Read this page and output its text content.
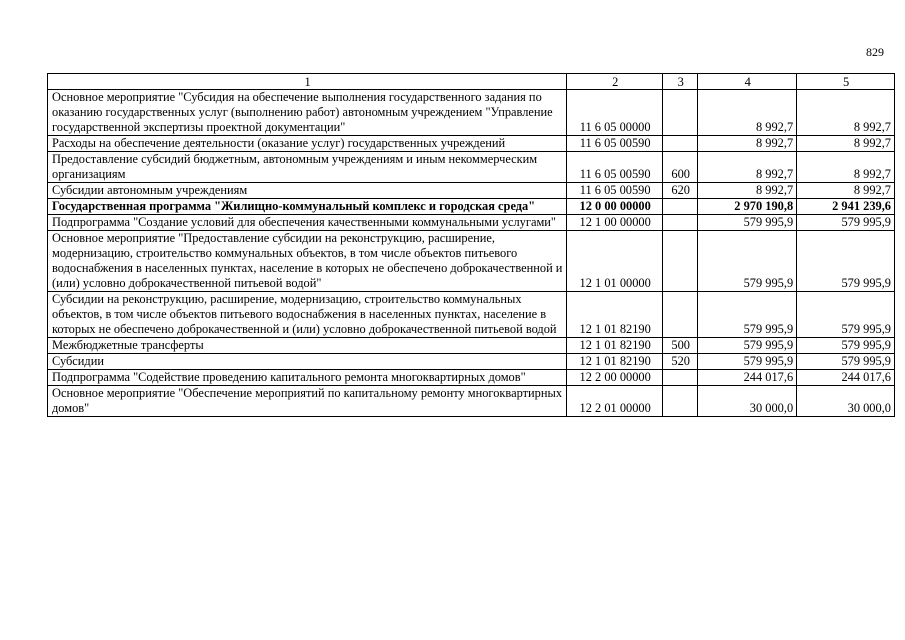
829
1	2	3	4	5
Основное мероприятие "Субсидия на обеспечение выполнения государственного задания по оказанию государственных услуг (выполнению работ) автономным учреждением "Управление государственной экспертизы проектной документации"	11 6 05 00000		8 992,7	8 992,7
Расходы на обеспечение деятельности (оказание услуг) государственных учреждений	11 6 05 00590		8 992,7	8 992,7
Предоставление субсидий бюджетным, автономным учреждениям и иным некоммерческим организациям	11 6 05 00590	600	8 992,7	8 992,7
Субсидии автономным учреждениям	11 6 05 00590	620	8 992,7	8 992,7
Государственная программа "Жилищно-коммунальный комплекс и городская среда"	12 0 00 00000		2 970 190,8	2 941 239,6
Подпрограмма "Создание условий для обеспечения качественными коммунальными услугами"	12 1 00 00000		579 995,9	579 995,9
Основное мероприятие "Предоставление субсидии на реконструкцию, расширение, модернизацию, строительство коммунальных объектов, в том числе объектов питьевого водоснабжения в населенных пунктах, население в которых не обеспечено доброкачественной и (или) условно доброкачественной питьевой водой"	12 1 01 00000		579 995,9	579 995,9
Субсидии на реконструкцию, расширение, модернизацию, строительство коммунальных объектов, в том числе объектов питьевого водоснабжения в населенных пунктах, население в которых не обеспечено доброкачественной и (или) условно доброкачественной питьевой водой	12 1 01 82190		579 995,9	579 995,9
Межбюджетные трансферты	12 1 01 82190	500	579 995,9	579 995,9
Субсидии	12 1 01 82190	520	579 995,9	579 995,9
Подпрограмма "Содействие проведению капитального ремонта многоквартирных домов"	12 2 00 00000		244 017,6	244 017,6
Основное мероприятие "Обеспечение мероприятий по капитальному ремонту многоквартирных домов"	12 2 01 00000		30 000,0	30 000,0
